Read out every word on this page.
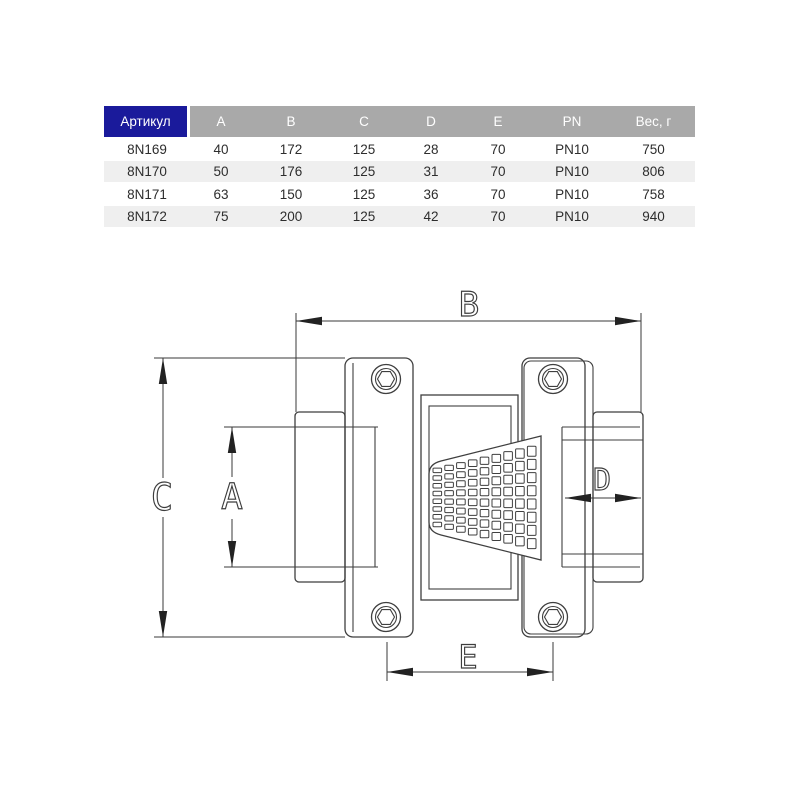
Артикул	A	B	C	D	E	PN	Вес, г
8N169	40	172	125	28	70	PN10	750
8N170	50	176	125	31	70	PN10	806
8N171	63	150	125	36	70	PN10	758
8N172	75	200	125	42	70	PN10	940
B
C A	D
E
